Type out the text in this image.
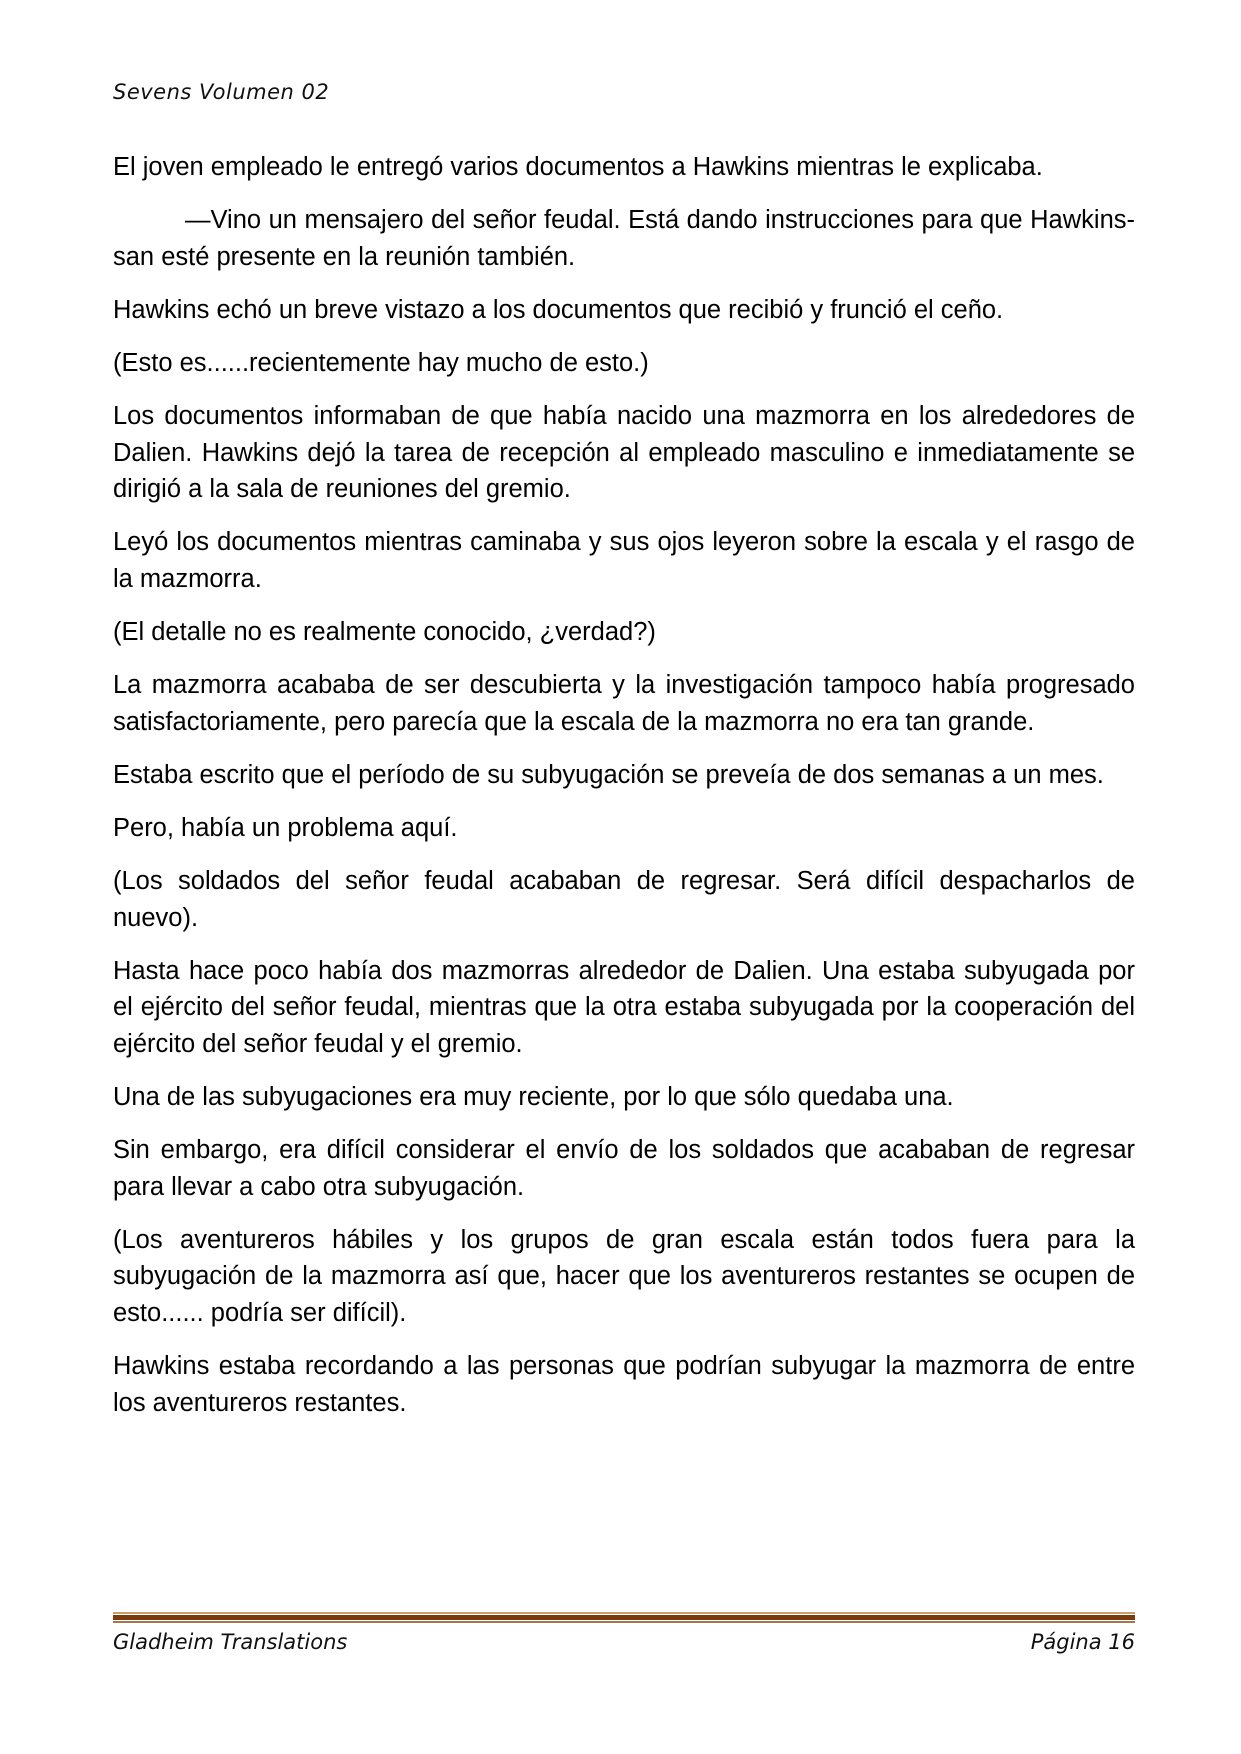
Sevens Volumen 02

El joven empleado le entregó varios documentos a Hawkins mientras le explicaba.

—Vino un mensajero del señor feudal. Está dando instrucciones para que Hawkins-san esté presente en la reunión también.

Hawkins echó un breve vistazo a los documentos que recibió y frunció el ceño.

(Esto es......recientemente hay mucho de esto.)

Los documentos informaban de que había nacido una mazmorra en los alrededores de Dalien. Hawkins dejó la tarea de recepción al empleado masculino e inmediatamente se dirigió a la sala de reuniones del gremio.

Leyó los documentos mientras caminaba y sus ojos leyeron sobre la escala y el rasgo de la mazmorra.

(El detalle no es realmente conocido, ¿verdad?)

La mazmorra acababa de ser descubierta y la investigación tampoco había progresado satisfactoriamente, pero parecía que la escala de la mazmorra no era tan grande.

Estaba escrito que el período de su subyugación se preveía de dos semanas a un mes.

Pero, había un problema aquí.

(Los soldados del señor feudal acababan de regresar. Será difícil despacharlos de nuevo).

Hasta hace poco había dos mazmorras alrededor de Dalien. Una estaba subyugada por el ejército del señor feudal, mientras que la otra estaba subyugada por la cooperación del ejército del señor feudal y el gremio.

Una de las subyugaciones era muy reciente, por lo que sólo quedaba una.

Sin embargo, era difícil considerar el envío de los soldados que acababan de regresar para llevar a cabo otra subyugación.

(Los aventureros hábiles y los grupos de gran escala están todos fuera para la subyugación de la mazmorra así que, hacer que los aventureros restantes se ocupen de esto...... podría ser difícil).

Hawkins estaba recordando a las personas que podrían subyugar la mazmorra de entre los aventureros restantes.

Gladheim Translations	Página 16
